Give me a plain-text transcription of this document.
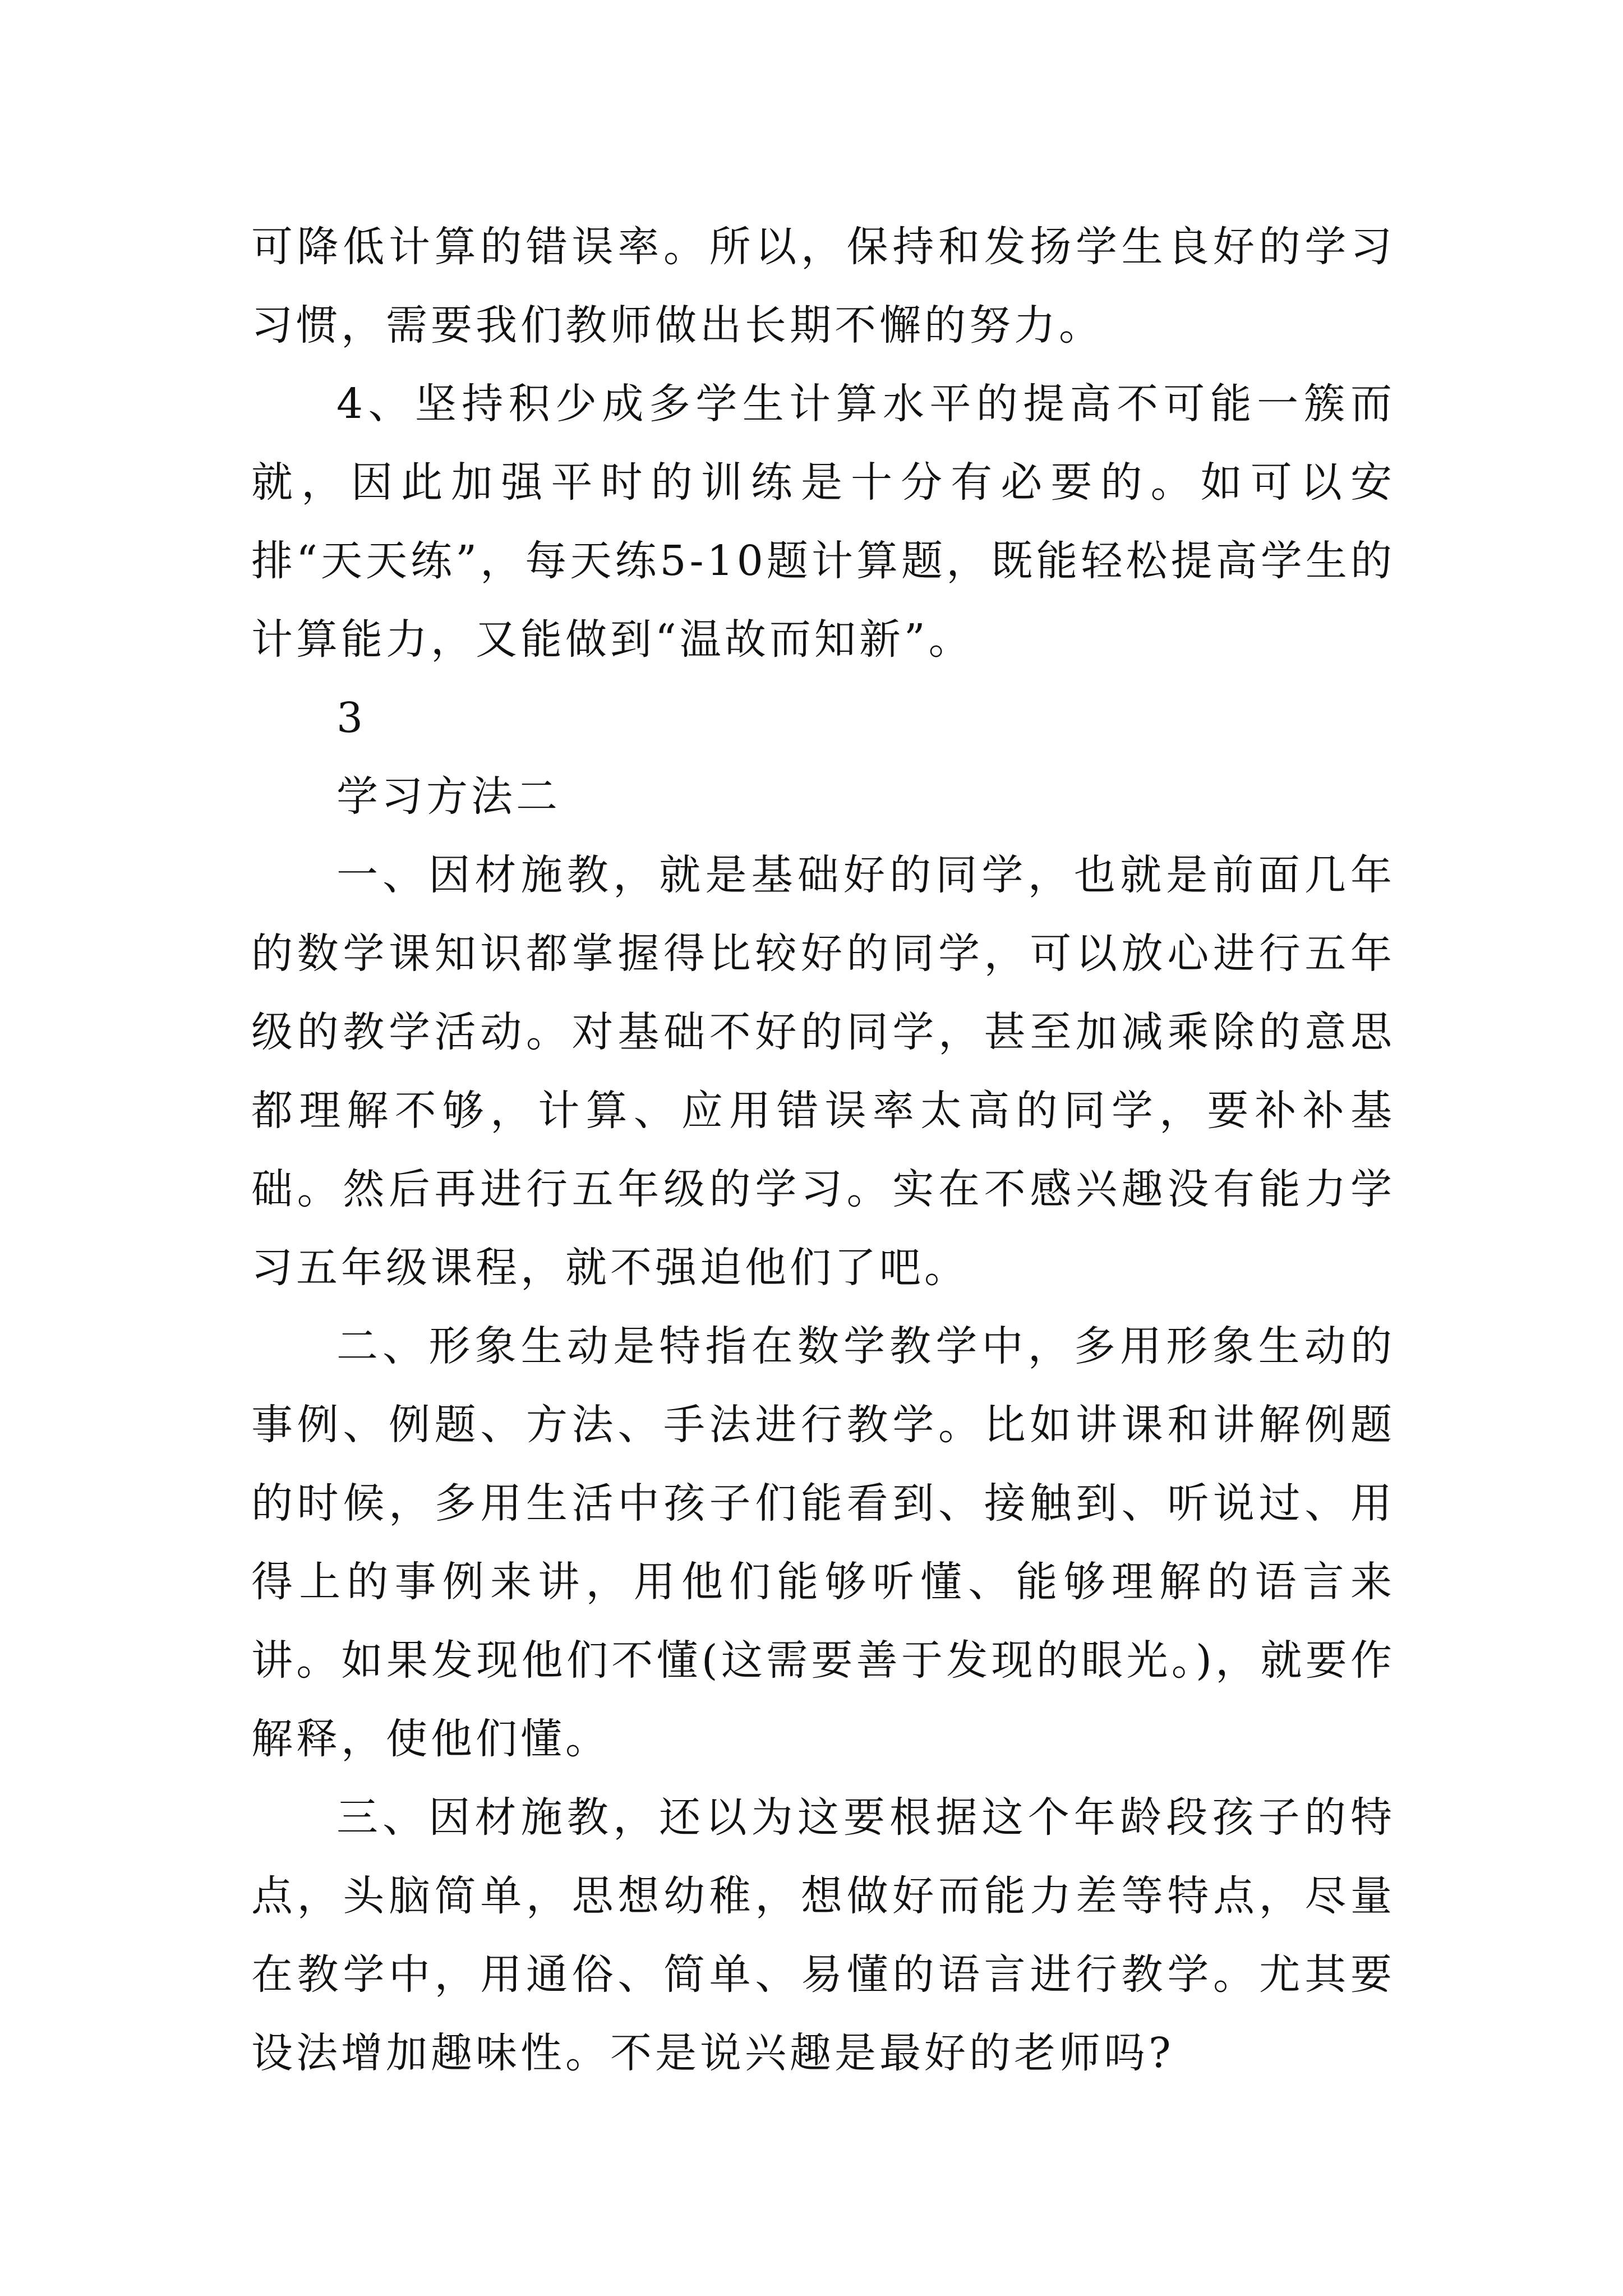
可降低计算的错误率。所以，保持和发扬学生良好的学习习惯，需要我们教师做出长期不懈的努力。

4、坚持积少成多学生计算水平的提高不可能一簇而就，因此加强平时的训练是十分有必要的。如可以安排“天天练”，每天练5-10题计算题，既能轻松提高学生的计算能力，又能做到“温故而知新”。

3

学习方法二

一、因材施教，就是基础好的同学，也就是前面几年的数学课知识都掌握得比较好的同学，可以放心进行五年级的教学活动。对基础不好的同学，甚至加减乘除的意思都理解不够，计算、应用错误率太高的同学，要补补基础。然后再进行五年级的学习。实在不感兴趣没有能力学习五年级课程，就不强迫他们了吧。

二、形象生动是特指在数学教学中，多用形象生动的事例、例题、方法、手法进行教学。比如讲课和讲解例题的时候，多用生活中孩子们能看到、接触到、听说过、用得上的事例来讲，用他们能够听懂、能够理解的语言来讲。如果发现他们不懂(这需要善于发现的眼光。)，就要作解释，使他们懂。

三、因材施教，还以为这要根据这个年龄段孩子的特点，头脑简单，思想幼稚，想做好而能力差等特点，尽量在教学中，用通俗、简单、易懂的语言进行教学。尤其要设法增加趣味性。不是说兴趣是最好的老师吗?
